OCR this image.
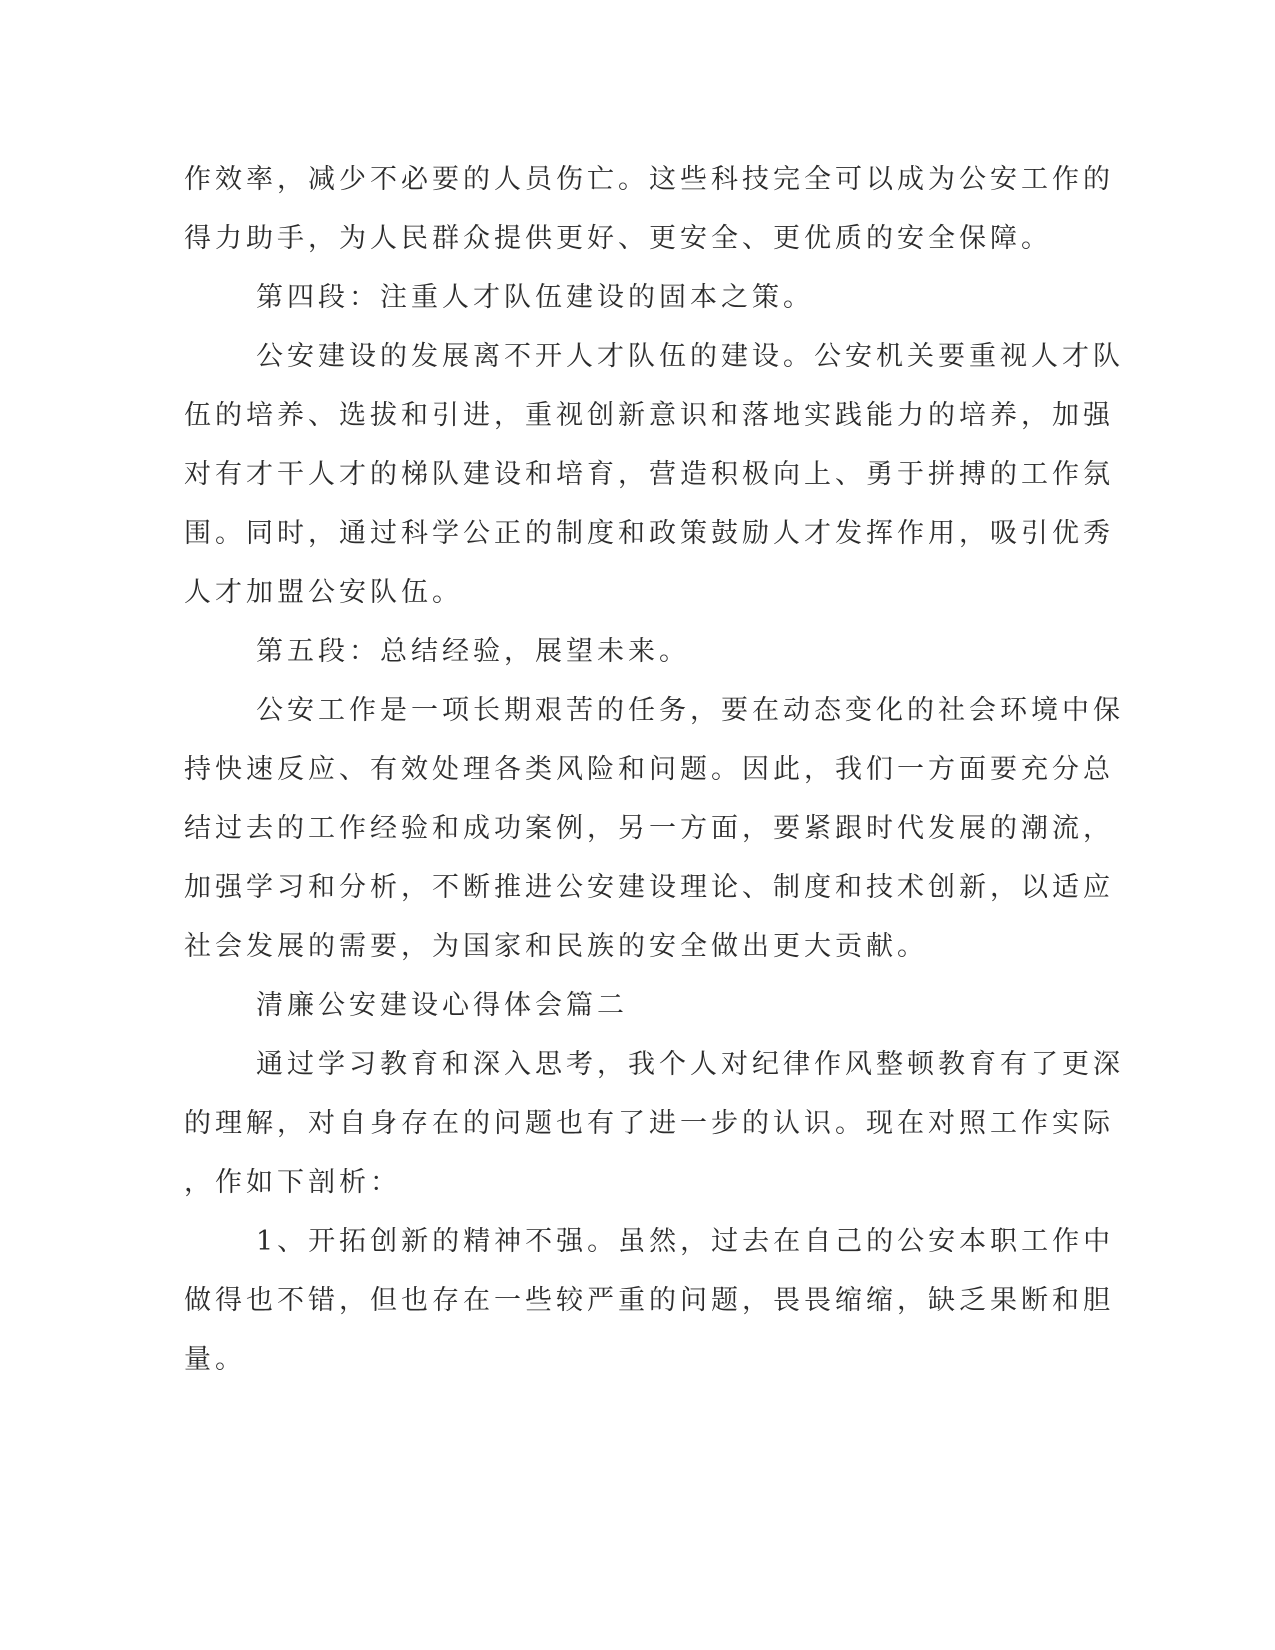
作效率，减少不必要的人员伤亡。这些科技完全可以成为公安工作的

得力助手，为人民群众提供更好、更安全、更优质的安全保障。

第四段：注重人才队伍建设的固本之策。

公安建设的发展离不开人才队伍的建设。公安机关要重视人才队

伍的培养、选拔和引进，重视创新意识和落地实践能力的培养，加强

对有才干人才的梯队建设和培育，营造积极向上、勇于拼搏的工作氛

围。同时，通过科学公正的制度和政策鼓励人才发挥作用，吸引优秀

人才加盟公安队伍。

第五段：总结经验，展望未来。

公安工作是一项长期艰苦的任务，要在动态变化的社会环境中保

持快速反应、有效处理各类风险和问题。因此，我们一方面要充分总

结过去的工作经验和成功案例，另一方面，要紧跟时代发展的潮流，

加强学习和分析，不断推进公安建设理论、制度和技术创新，以适应

社会发展的需要，为国家和民族的安全做出更大贡献。

清廉公安建设心得体会篇二

通过学习教育和深入思考，我个人对纪律作风整顿教育有了更深

的理解，对自身存在的问题也有了进一步的认识。现在对照工作实际

，作如下剖析：

1、开拓创新的精神不强。虽然，过去在自己的公安本职工作中

做得也不错，但也存在一些较严重的问题，畏畏缩缩，缺乏果断和胆

量。
